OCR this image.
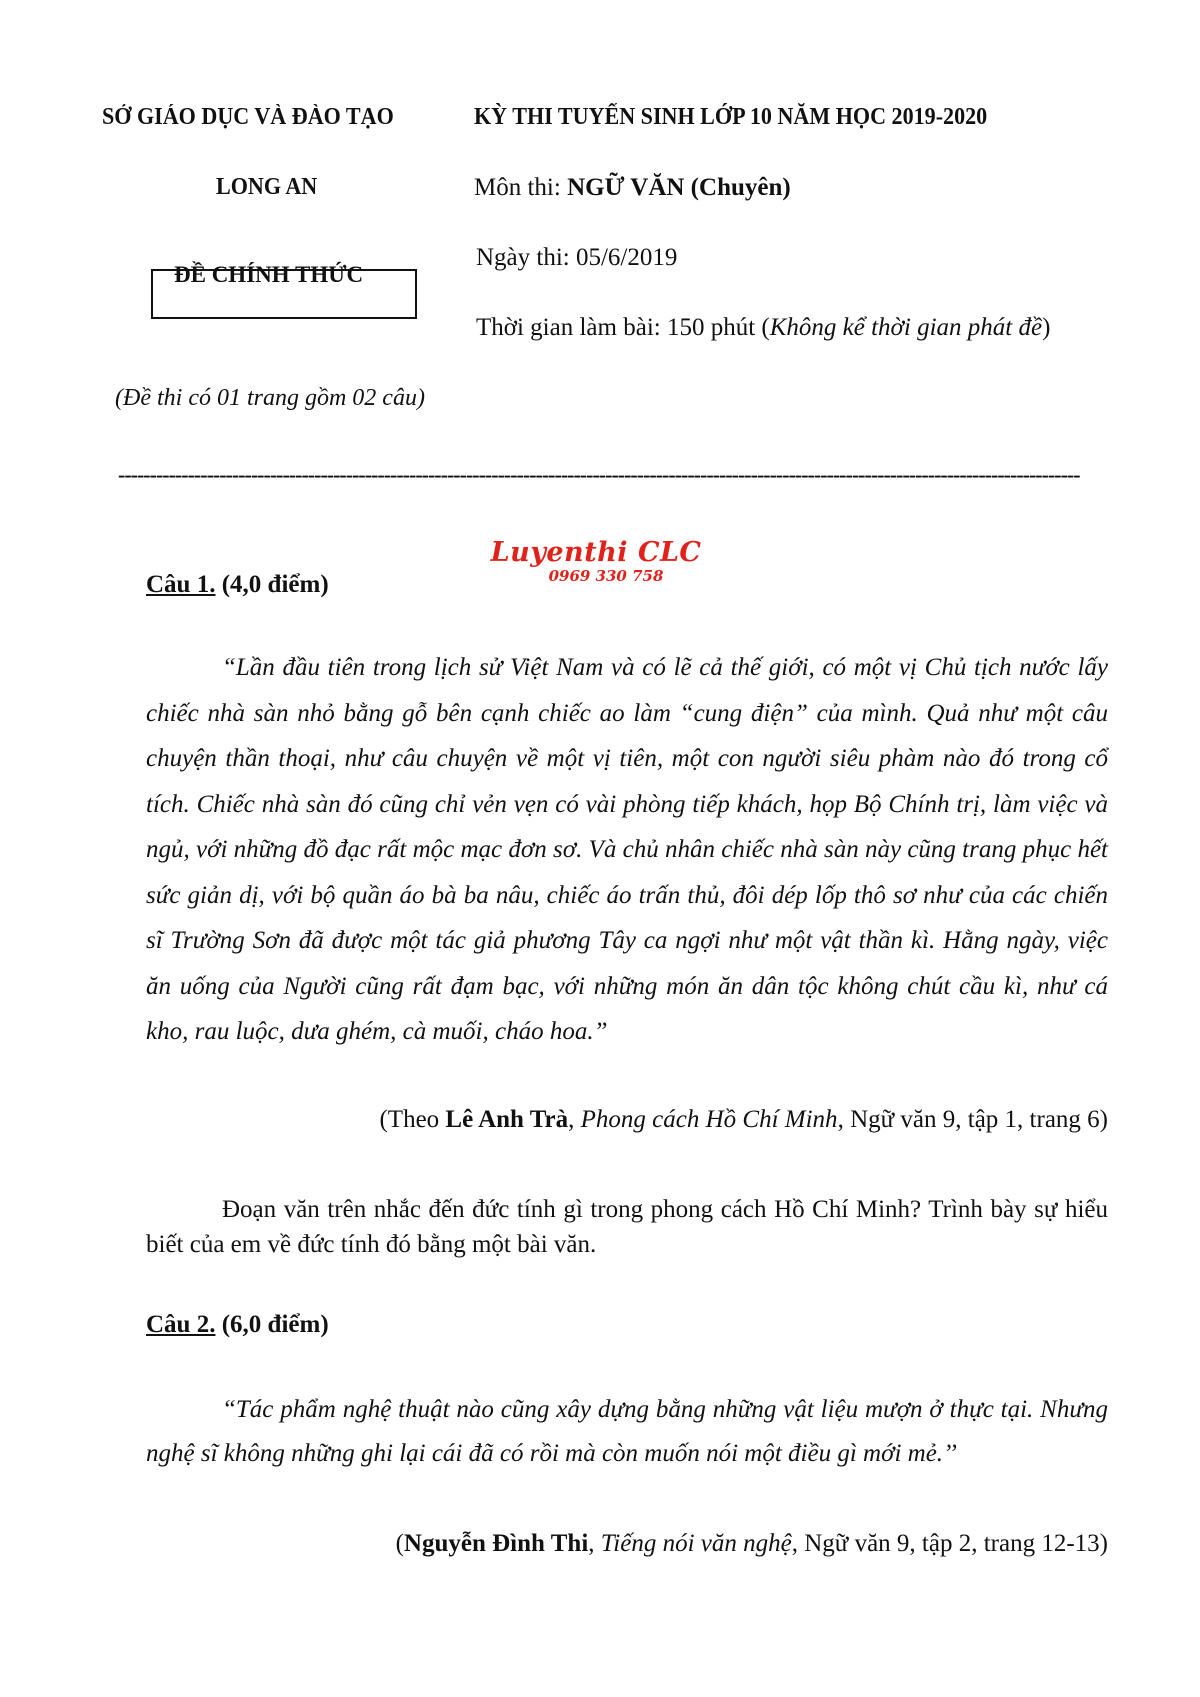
SỞ GIÁO DỤC VÀ ĐÀO TẠO
LONG AN
ĐỀ CHÍNH THỨC
(Đề thi có 01 trang gồm 02 câu)
KỲ THI TUYỂN SINH LỚP 10 NĂM HỌC 2019-2020
Môn thi: NGỮ VĂN (Chuyên)
Ngày thi: 05/6/2019
Thời gian làm bài: 150 phút (Không kể thời gian phát đề)
--------------------------------------------------------------------------------------------------------------------------------------------------------
Luyenthi CLC
0969 330 758
Câu 1. (4,0 điểm)
“Lần đầu tiên trong lịch sử Việt Nam và có lẽ cả thế giới, có một vị Chủ tịch nước lấy chiếc nhà sàn nhỏ bằng gỗ bên cạnh chiếc ao làm “cung điện” của mình. Quả như một câu chuyện thần thoại, như câu chuyện về một vị tiên, một con người siêu phàm nào đó trong cổ tích. Chiếc nhà sàn đó cũng chỉ vẻn vẹn có vài phòng tiếp khách, họp Bộ Chính trị, làm việc và ngủ, với những đồ đạc rất mộc mạc đơn sơ. Và chủ nhân chiếc nhà sàn này cũng trang phục hết sức giản dị, với bộ quần áo bà ba nâu, chiếc áo trấn thủ, đôi dép lốp thô sơ như của các chiến sĩ Trường Sơn đã được một tác giả phương Tây ca ngợi như một vật thần kì. Hằng ngày, việc ăn uống của Người cũng rất đạm bạc, với những món ăn dân tộc không chút cầu kì, như cá kho, rau luộc, dưa ghém, cà muối, cháo hoa.”
(Theo Lê Anh Trà, Phong cách Hồ Chí Minh, Ngữ văn 9, tập 1, trang 6)
Đoạn văn trên nhắc đến đức tính gì trong phong cách Hồ Chí Minh? Trình bày sự hiểu biết của em về đức tính đó bằng một bài văn.
Câu 2. (6,0 điểm)
“Tác phẩm nghệ thuật nào cũng xây dựng bằng những vật liệu mượn ở thực tại. Nhưng nghệ sĩ không những ghi lại cái đã có rồi mà còn muốn nói một điều gì mới mẻ.’’
(Nguyễn Đình Thi, Tiếng nói văn nghệ, Ngữ văn 9, tập 2, trang 12-13)
